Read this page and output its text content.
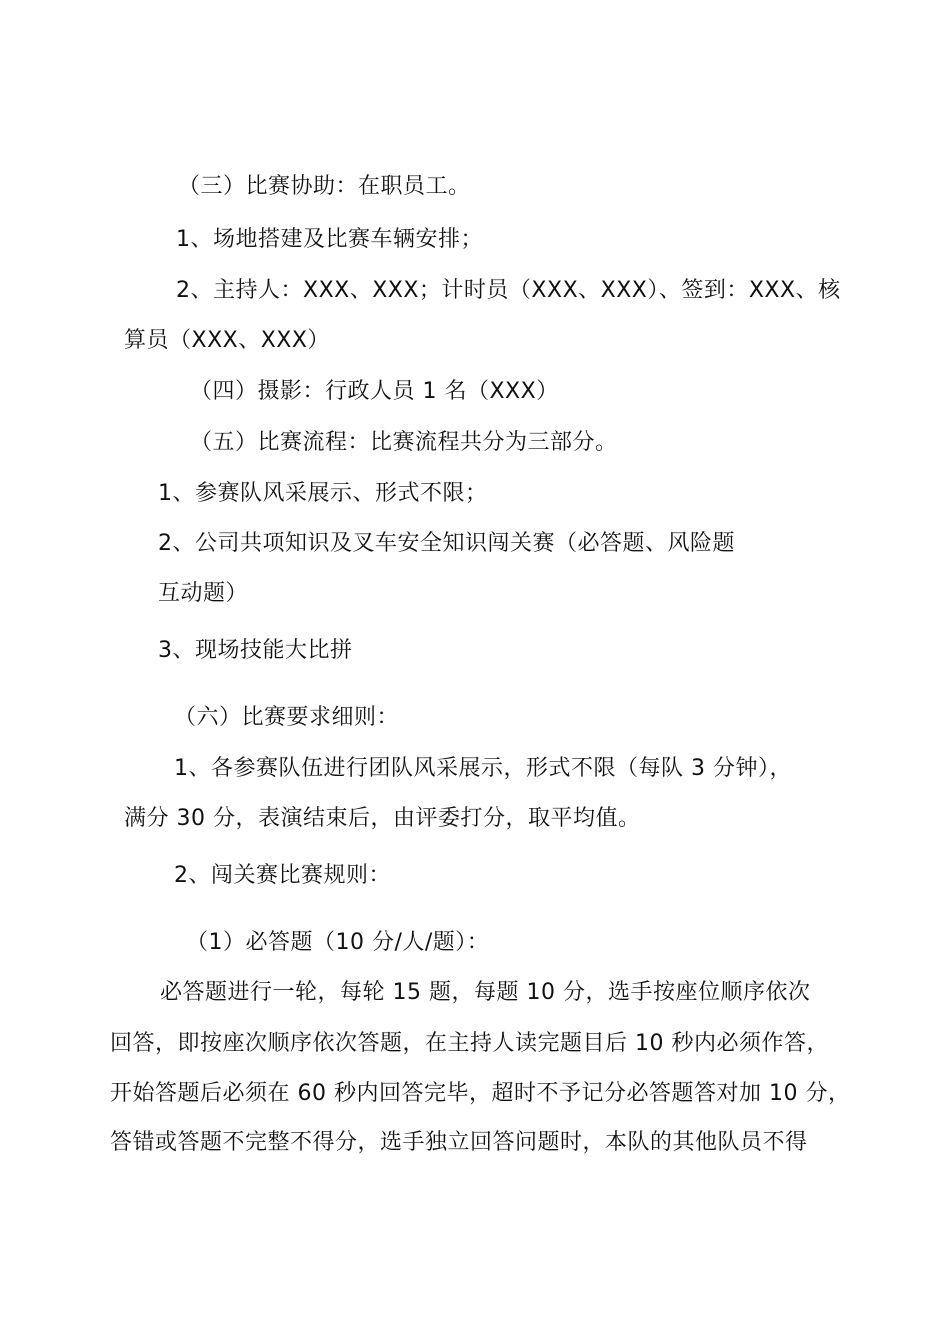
（三）比赛协助：在职员工。
1、场地搭建及比赛车辆安排；
2、主持人：XXX、XXX；计时员（XXX、XXX）、签到：XXX、核
算员（XXX、XXX）
（四）摄影：行政人员 1 名（XXX）
（五）比赛流程：比赛流程共分为三部分。
1、参赛队风采展示、形式不限；
2、公司共项知识及叉车安全知识闯关赛（必答题、风险题
互动题）
3、现场技能大比拼
（六）比赛要求细则：
1、各参赛队伍进行团队风采展示，形式不限（每队 3 分钟），
满分 30 分，表演结束后，由评委打分，取平均值。
2、闯关赛比赛规则：
（1）必答题（10 分/人/题）：
必答题进行一轮，每轮 15 题，每题 10 分，选手按座位顺序依次
回答，即按座次顺序依次答题，在主持人读完题目后 10 秒内必须作答，
开始答题后必须在 60 秒内回答完毕，超时不予记分必答题答对加 10 分，
答错或答题不完整不得分，选手独立回答问题时，本队的其他队员不得
